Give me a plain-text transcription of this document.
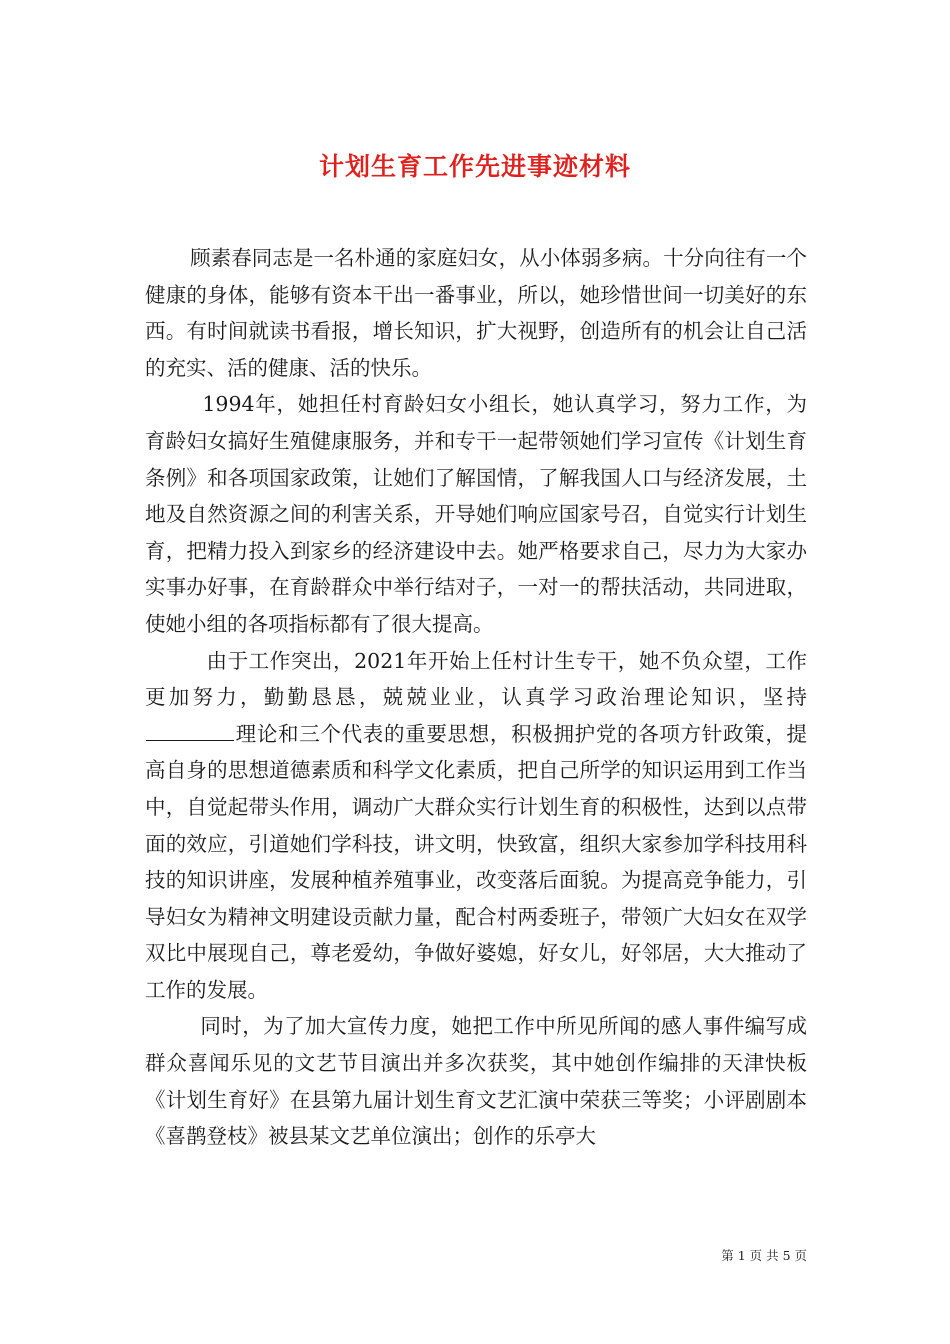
计划生育工作先进事迹材料

顾素春同志是一名朴通的家庭妇女，从小体弱多病。十分向往有一个健康的身体，能够有资本干出一番事业，所以，她珍惜世间一切美好的东西。有时间就读书看报，增长知识，扩大视野，创造所有的机会让自己活的充实、活的健康、活的快乐。

1994年，她担任村育龄妇女小组长，她认真学习，努力工作，为育龄妇女搞好生殖健康服务，并和专干一起带领她们学习宣传《计划生育条例》和各项国家政策，让她们了解国情，了解我国人口与经济发展，土地及自然资源之间的利害关系，开导她们响应国家号召，自觉实行计划生育，把精力投入到家乡的经济建设中去。她严格要求自己，尽力为大家办实事办好事，在育龄群众中举行结对子，一对一的帮扶活动，共同进取，使她小组的各项指标都有了很大提高。

由于工作突出，2021年开始上任村计生专干，她不负众望，工作更加努力，勤勤恳恳，兢兢业业，认真学习政治理论知识，坚持理论和三个代表的重要思想，积极拥护党的各项方针政策，提高自身的思想道德素质和科学文化素质，把自己所学的知识运用到工作当中，自觉起带头作用，调动广大群众实行计划生育的积极性，达到以点带面的效应，引道她们学科技，讲文明，快致富，组织大家参加学科技用科技的知识讲座，发展种植养殖事业，改变落后面貌。为提高竞争能力，引导妇女为精神文明建设贡献力量，配合村两委班子，带领广大妇女在双学双比中展现自己，尊老爱幼，争做好婆媳，好女儿，好邻居，大大推动了工作的发展。

同时，为了加大宣传力度，她把工作中所见所闻的感人事件编写成群众喜闻乐见的文艺节目演出并多次获奖，其中她创作编排的天津快板《计划生育好》在县第九届计划生育文艺汇演中荣获三等奖；小评剧剧本《喜鹊登枝》被县某文艺单位演出；创作的乐亭大

第 1 页 共 5 页
